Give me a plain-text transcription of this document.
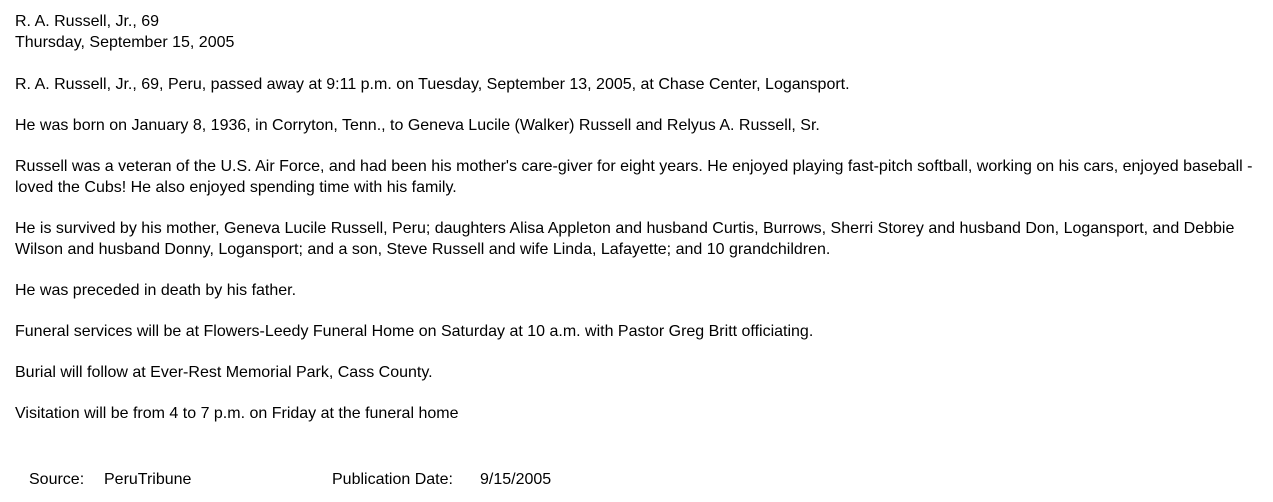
R. A. Russell, Jr., 69
Thursday, September 15, 2005

R. A. Russell, Jr., 69, Peru, passed away at 9:11 p.m. on Tuesday, September 13, 2005, at Chase Center, Logansport.

He was born on January 8, 1936, in Corryton, Tenn., to Geneva Lucile (Walker) Russell and Relyus A. Russell, Sr.

Russell was a veteran of the U.S. Air Force, and had been his mother's care-giver for eight years. He enjoyed playing fast-pitch softball, working on his cars, enjoyed baseball - loved the Cubs! He also enjoyed spending time with his family.

He is survived by his mother, Geneva Lucile Russell, Peru; daughters Alisa Appleton and husband Curtis, Burrows, Sherri Storey and husband Don, Logansport, and Debbie Wilson and husband Donny, Logansport; and a son, Steve Russell and wife Linda, Lafayette; and 10 grandchildren.

He was preceded in death by his father.

Funeral services will be at Flowers-Leedy Funeral Home on Saturday at 10 a.m. with Pastor Greg Britt officiating.

Burial will follow at Ever-Rest Memorial Park, Cass County.

Visitation will be from 4 to 7 p.m. on Friday at the funeral home

Source: PeruTribune	Publication Date: 9/15/2005
